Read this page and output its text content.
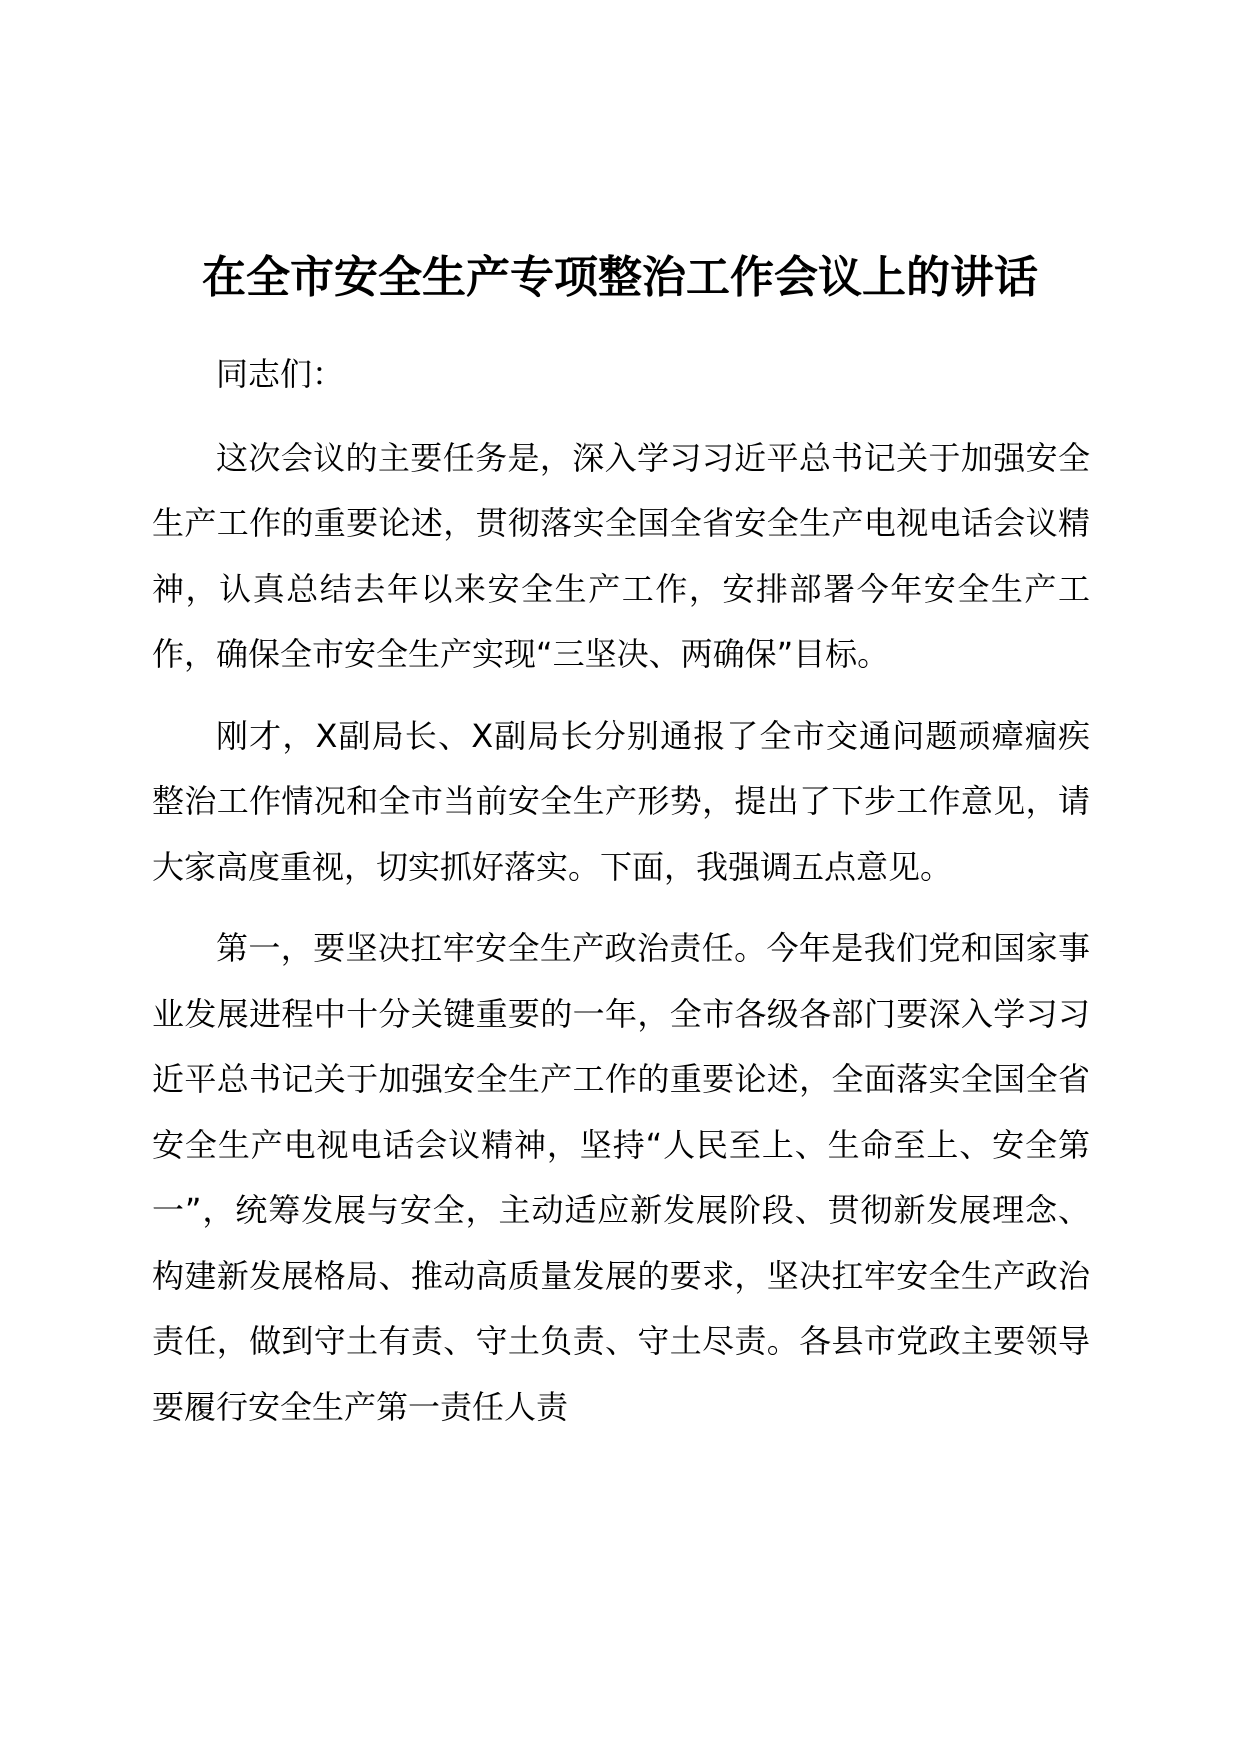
在全市安全生产专项整治工作会议上的讲话

同志们：

这次会议的主要任务是，深入学习习近平总书记关于加强安全生产工作的重要论述，贯彻落实全国全省安全生产电视电话会议精神，认真总结去年以来安全生产工作，安排部署今年安全生产工作，确保全市安全生产实现“三坚决、两确保”目标。

刚才，X副局长、X副局长分别通报了全市交通问题顽瘴痼疾整治工作情况和全市当前安全生产形势，提出了下步工作意见，请大家高度重视，切实抓好落实。下面，我强调五点意见。

第一，要坚决扛牢安全生产政治责任。今年是我们党和国家事业发展进程中十分关键重要的一年，全市各级各部门要深入学习习近平总书记关于加强安全生产工作的重要论述，全面落实全国全省安全生产电视电话会议精神，坚持“人民至上、生命至上、安全第一”，统筹发展与安全，主动适应新发展阶段、贯彻新发展理念、构建新发展格局、推动高质量发展的要求，坚决扛牢安全生产政治责任，做到守土有责、守土负责、守土尽责。各县市党政主要领导要履行安全生产第一责任人责
